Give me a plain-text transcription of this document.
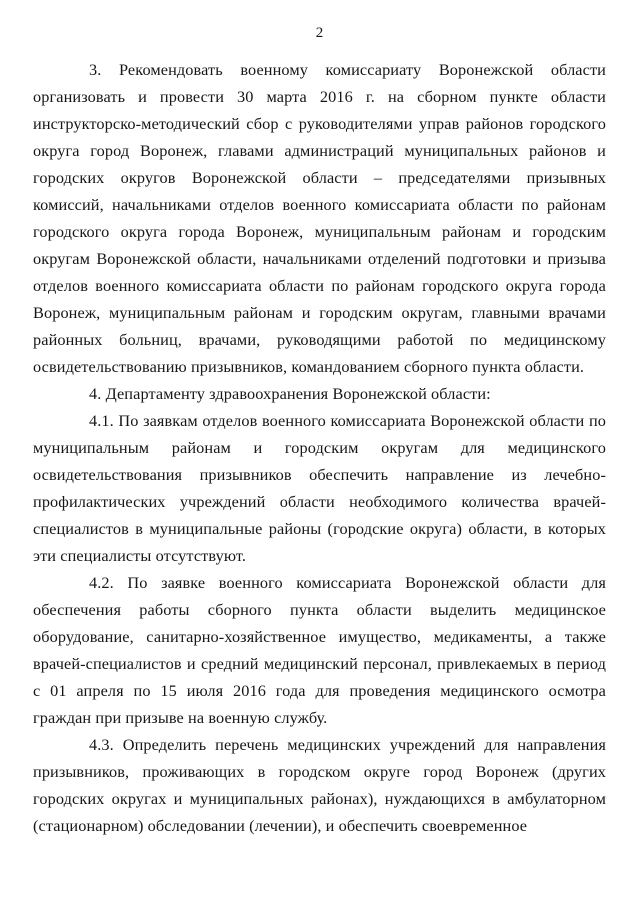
2

3. Рекомендовать военному комиссариату Воронежской области организовать и провести 30 марта 2016 г. на сборном пункте области инструкторско-методический сбор с руководителями управ районов городского округа город Воронеж, главами администраций муниципальных районов и городских округов Воронежской области – председателями призывных комиссий, начальниками отделов военного комиссариата области по районам городского округа города Воронеж, муниципальным районам и городским округам Воронежской области, начальниками отделений подготовки и призыва отделов военного комиссариата области по районам городского округа города Воронеж, муниципальным районам и городским округам, главными врачами районных больниц, врачами, руководящими работой по медицинскому освидетельствованию призывников, командованием сборного пункта области.

4. Департаменту здравоохранения Воронежской области:

4.1. По заявкам отделов военного комиссариата Воронежской области по муниципальным районам и городским округам для медицинского освидетельствования призывников обеспечить направление из лечебно-профилактических учреждений области необходимого количества врачей-специалистов в муниципальные районы (городские округа) области, в которых эти специалисты отсутствуют.

4.2. По заявке военного комиссариата Воронежской области для обеспечения работы сборного пункта области выделить медицинское оборудование, санитарно-хозяйственное имущество, медикаменты, а также врачей-специалистов и средний медицинский персонал, привлекаемых в период с 01 апреля по 15 июля 2016 года для проведения медицинского осмотра граждан при призыве на военную службу.

4.3. Определить перечень медицинских учреждений для направления призывников, проживающих в городском округе город Воронеж (других городских округах и муниципальных районах), нуждающихся в амбулаторном (стационарном) обследовании (лечении), и обеспечить своевременное
